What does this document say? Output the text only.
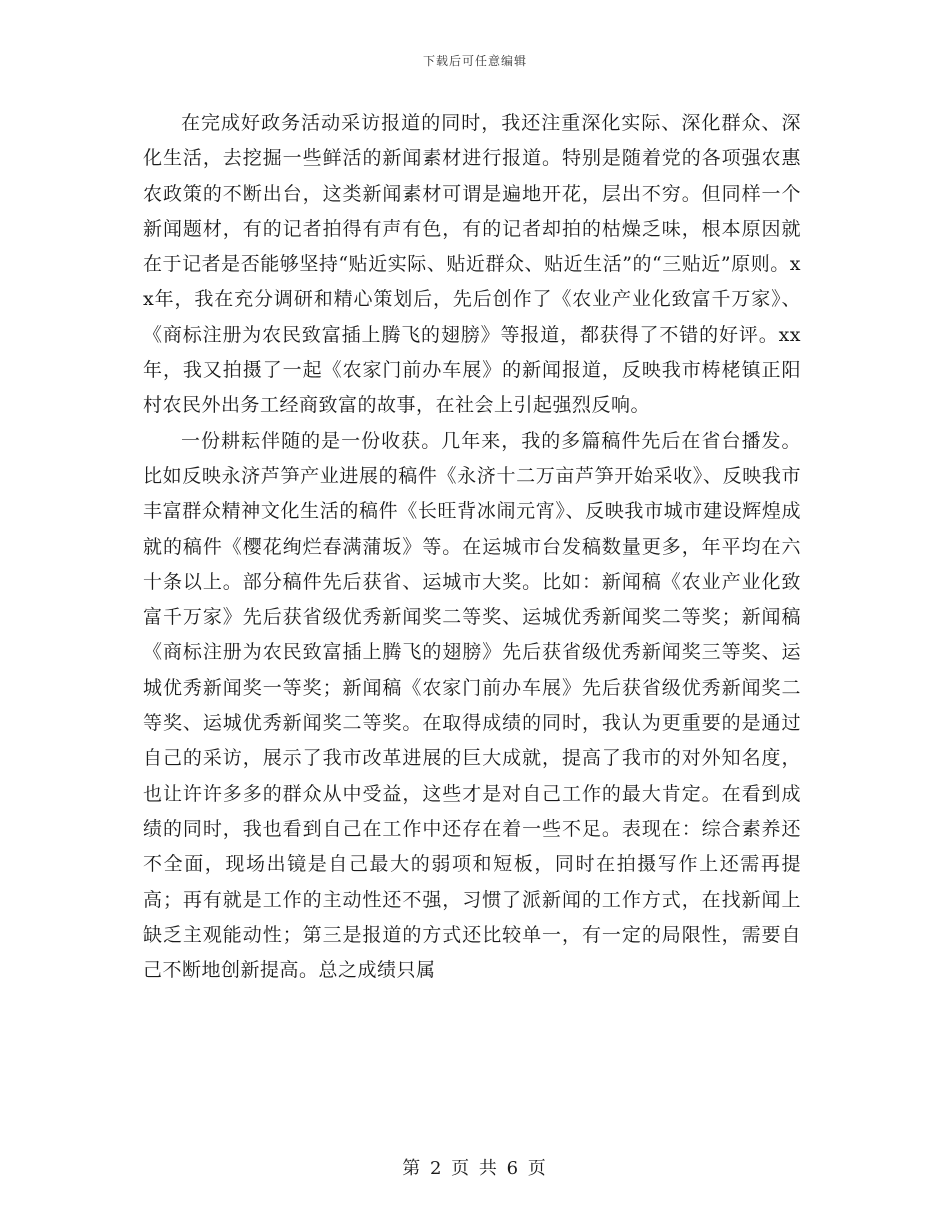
下载后可任意编辑

在完成好政务活动采访报道的同时，我还注重深化实际、深化群众、深化生活，去挖掘一些鲜活的新闻素材进行报道。特别是随着党的各项强农惠农政策的不断出台，这类新闻素材可谓是遍地开花，层出不穷。但同样一个新闻题材，有的记者拍得有声有色，有的记者却拍的枯燥乏味，根本原因就在于记者是否能够坚持“贴近实际、贴近群众、贴近生活”的“三贴近”原则。xx年，我在充分调研和精心策划后，先后创作了《农业产业化致富千万家》、《商标注册为农民致富插上腾飞的翅膀》等报道，都获得了不错的好评。xx年，我又拍摄了一起《农家门前办车展》的新闻报道，反映我市梼栳镇正阳村农民外出务工经商致富的故事，在社会上引起强烈反响。

一份耕耘伴随的是一份收获。几年来，我的多篇稿件先后在省台播发。比如反映永济芦笋产业进展的稿件《永济十二万亩芦笋开始采收》、反映我市丰富群众精神文化生活的稿件《长旺背冰闹元宵》、反映我市城市建设辉煌成就的稿件《樱花绚烂春满蒲坂》等。在运城市台发稿数量更多，年平均在六十条以上。部分稿件先后获省、运城市大奖。比如：新闻稿《农业产业化致富千万家》先后获省级优秀新闻奖二等奖、运城优秀新闻奖二等奖；新闻稿《商标注册为农民致富插上腾飞的翅膀》先后获省级优秀新闻奖三等奖、运城优秀新闻奖一等奖；新闻稿《农家门前办车展》先后获省级优秀新闻奖二等奖、运城优秀新闻奖二等奖。在取得成绩的同时，我认为更重要的是通过自己的采访，展示了我市改革进展的巨大成就，提高了我市的对外知名度，也让许许多多的群众从中受益，这些才是对自己工作的最大肯定。在看到成绩的同时，我也看到自己在工作中还存在着一些不足。表现在：综合素养还不全面，现场出镜是自己最大的弱项和短板，同时在拍摄写作上还需再提高；再有就是工作的主动性还不强，习惯了派新闻的工作方式，在找新闻上缺乏主观能动性；第三是报道的方式还比较单一，有一定的局限性，需要自己不断地创新提高。总之成绩只属

第 2 页 共 6 页
